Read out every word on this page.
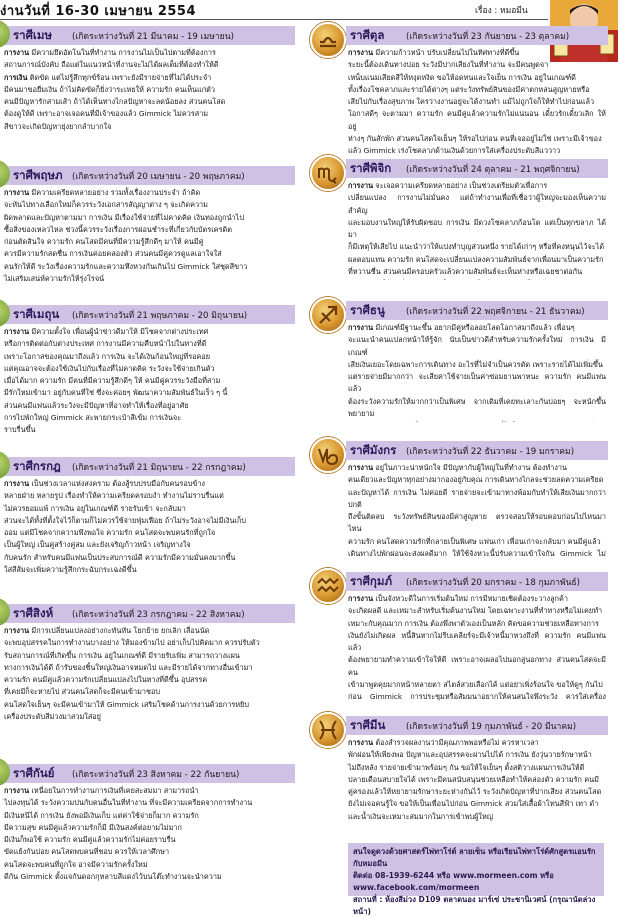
ง่านวันที่ 16-30 เมษายน 2554	เรื่อง : หมอมีน
ราศีเมษ (เกิดระหว่างวันที่ 21 มีนาคม - 19 เมษายน)
การงาน มีความยึดอัตโนในที่ทำงาน การงานไม่เป็นไปตามที่ต้องการ
สถานการณ์บังคับ ถือแต่ในแนวหน้าที่งานจะไม่ได้ผลเต็มที่ต้องทำให้ดี
การเงิน ติดขัด แต่ไม่รู้สึกทุกข์ร้อน เพราะยังมีรายจ่ายที่ไม่ได้ประจำ
มีคนมาขอยืมเงิน ถ้าไม่คิดขัดก็ยิ่งว่าระเหยให้ ความรัก คนเห็นแก่ตัว
คนมีปัญหารักสามเส้า ถ้าได้เห็นทางไกลปัญหาจะลดน้อยลง ส่วนคนโสด
ต้องดูให้ดี เพราะอาจเจอคนที่มีเจ้าของแล้ว Gimmick ไม่ควรสาม
สีขาวจะเกิดปัญหายุ่งยากลำบากใจ
ราศีพฤษภ (เกิดระหว่างวันที่ 20 เมษายน - 20 พฤษภาคม)
การงาน มีความเครียดหลายอย่าง รวมทั้งเรื่องงานประจำ ถ้าคิด
จะหันไปทางเลือกใหม่ก็ควรระวังเอกสารสัญญาต่าง ๆ จะเกิดความ
ผิดพลาดและปัญหาตามมา การเงิน มีเรื่องใช้จ่ายที่ไม่คาดคิด เงินทองถูกนำไป
ซื้อสิ่งของเหลวไหล ช่วงนี้ควรระวังเรื่องการผ่อนชำระที่เกี่ยวกับบัตรเครดิต
ก่อนตัดสินใจ ความรัก คนโสดมีคนที่มีความรู้สึกดีๆ มาให้ คนมีคู่
ควรมีความรักสดชื่น การเงินค่อยคล่องตัว ส่วนคนมีคู่ควรดูแลเอาใจใส่
คนรักให้ดี ระวังเรื่องความรักและความหึงหวงกันเกินไป Gimmick ใส่ชุดสีขาว
ไม่เสริมเสน่ห์ความรักให้รุ่งโรจน์
ราศีเมถุน (เกิดระหว่างวันที่ 21 พฤษภาคม - 20 มิถุนายน)
การงาน มีความตั้งใจ เพื่อนผู้นำข่าวดีมาให้ มีโชคจากต่างประเทศ
หรือการติดต่อกับต่างประเทศ การงานมีความคืบหน้าไปในทางที่ดี
เพราะโอกาสของคุณมาถึงแล้ว การเงิน จะได้เงินก้อนใหญ่ที่รอคอย
แต่คุณอาจจะต้องใช้เงินไปกับเรื่องที่ไม่คาดคิด ระวังจะใช้จ่ายเกินตัว
เมื่อได้มาก ความรัก มีคนที่มีความรู้สึกดีๆ ให้ คนมีคู่ควรระวังมือที่สาม
มีรักใหม่เข้ามา อยู่กับคนที่ใช่ ซึ่งจะค่อยๆ พัฒนาความสัมพันธ์ในเร็ว ๆ นี้
ส่วนคนมีแฟนแล้วระวังจะมีปัญหาที่อาจทำให้เรื่องที่อยู่อาศัย
การไปพักใหญ่ Gimmick สะพายกระเป๋าสีเข้ม การเงินจะ
ราบรื่นขึ้น
ราศีกรกฎ (เกิดระหว่างวันที่ 21 มิถุนายน - 22 กรกฎาคม)
การงาน เป็นช่วงเวลาแห่งสงคราม ต้องสู้รบปรบมือกับคนรอบข้าง
หลายฝ่าย หลายรูป เรื่องทำให้ความเครียดครอบงำ ทำงานไม่ราบรื่นแต่
ไม่ควรยอมแพ้ การเงิน อยู่ในเกณฑ์ดี รายรับเข้า จะกลับมา
ส่วนจะได้ทั้งที่ตั้งใจไว้ก็ตามก็ไม่ควรใช้จ่ายฟุ่มเฟือย ถ้าไม่ระวังอาจไม่มีเงินเก็บ
ออม แต่มีโชคจากความพึงพอใจ ความรัก คนโสดจะพบคนรักที่ถูกใจ
เป็นผู้ใหญ่ เป็นคู่สร้างคู่สม และยังเจริญก้าวหน้า เจริญทางใจ
กับคนรัก สำหรับคนมีแฟนเป็นประสบการณ์ดี ความรักมีความมั่นคงมากขึ้น
ใส่สีส้มจะเพิ่มความรู้สึกกระฉับกระเฉงดีขึ้น
ราศีสิงห์ (เกิดระหว่างวันที่ 23 กรกฎาคม - 22 สิงหาคม)
การงาน มีการเปลี่ยนแปลงอย่างกะทันหัน โยกย้าย ยกเลิก เลื่อนนัด
จะพบอุปสรรคในการทำงานบางอย่าง ให้มองข้ามไป อย่าเก็บไปคิดมาก ควรปรับตัว
รับสถานการณ์ที่เกิดขึ้น การเงิน อยู่ในเกณฑ์ดี มีรายรับเพิ่ม สามารถวางแผน
ทางการเงินได้ดี ถ้ารับของชิ้นใหญ่เงินอาจหมดไป และมีรายได้จากทางอื่นเข้ามา
ความรัก คนมีคู่แล้วความรักเปลี่ยนแปลงไปในทางที่ดีขึ้น อุปสรรค
ที่เคยมีก็จะหายไป ส่วนคนโสดก็จะมีคนเข้ามาชอบ
คนโสดใจเย็นๆ จะมีคนเข้ามาให้ Gimmick เสริมโชคด้านการงานด้วยการหยิบ
เครื่องประดับสีม่วงมาสวมใส่อยู่
ราศีกันย์ (เกิดระหว่างวันที่ 23 สิงหาคม - 22 กันยายน)
การงาน เหนื่อยในการทำงานการเงินที่เคยสะสมมา สามารถนำ
ไปลงทุนได้ ระวังความปนกับคนอื่นในที่ทำงาน ที่จะมีความเครียดจากการทำงาน
มีเงินหนีได้ การเงิน ยังพอมีเงินเก็บ แต่ค่าใช้จ่ายก็มาก ความรัก
มีความสุข คนมีคู่แล้วความรักก็มี มีเงินสงค์ต่อยามไม่มาก
มีเงินก็พอใช้ ความรัก คนมีคู่แล้วความรักไม่ค่อยราบรื่น
ขัดแย้งกันบ่อย คนโสดพบคนที่ชอบ ควรให้เวลาศึกษา
คนโสดจะพบคนที่ถูกใจ อาจมีความรักครั้งใหม่
ดีกัน Gimmick ตั้งแจกันดอกกุหลาบสีแดงไว้บนโต๊ะทำงานจะนำความ
ราศีตุล	(เกิดระหว่างวันที่ 23 กันยายน - 23 ตุลาคม)
การงาน มีความก้าวหน้า ปรับเปลี่ยนไปในทิศทางที่ดีขึ้น
ระยะนี้ต้องเดินทางบ่อย ระวังมีปากเสียงในที่ทำงาน จะมีคนพูดจา
เหน็บแนมเสียดสีให้หงุดหงิด ขอให้อดทนและใจเย็น การเงิน อยู่ในเกณฑ์ดี
ทั้งเรื่องโชคลาภและรายได้ต่างๆ แต่ระวังทรัพย์สินของมีค่าตกหล่นสูญหายหรือ
เสียไปกับเรื่องสุขภาพ ใครว่างงานอยู่จะได้งานทำ แม้ไม่ถูกใจก็ให้ทำไปก่อนแล้ว
โอกาสดีๆ จะตามมา ความรัก คนมีคู่แล้วความรักไม่แน่นอน เดี๋ยวรักเดี๋ยวเลิก ให้อยู่
ห่างๆ กันสักพัก ส่วนคนโสดใจเย็นๆ ให้รอไปก่อน คนที่เจออยู่ไม่ใช่ เพราะมีเจ้าของ
แล้ว Gimmick เร่งโชคลาภด้านเงินด้วยการใส่เครื่องประดับสีแววาว
ราศีพิจิก (เกิดระหว่างวันที่ 24 ตุลาคม - 21 พฤศจิกายน)
การงาน จะเจอความเครียดหลายอย่าง เป็นช่วงเตรียมตัวเพื่อการ
เปลี่ยนแปลง การงานไม่มั่นคง แต่ถ้าทำงานเพื่อที่เชื่อว่าผู้ใหญ่จะมองเห็นความสำคัญ
และมอบงานใหญ่ให้รับผิดชอบ การเงิน มีดวงโชคลาภก้อนโต แต่เป็นทุกขลาภ ได้มา
ก็มีเหตุให้เสียไป แนะนำว่าให้แบ่งทำบุญส่วนหนึ่ง รายได้เก่าๆ หรือที่คงหนุนไว้จะได้
ผลตอบแทน ความรัก คนโสดจะเปลี่ยนแปลงความสัมพันธ์จากเพื่อนมาเป็นความรัก
ที่หวานชื่น ส่วนคนมีครอบครัวแล้วความสัมพันธ์จะเห็นห่างหรือเฉยชาต่อกัน
ราศีธนู (เกิดระหว่างวันที่ 22 พฤศจิกายน - 21 ธันวาคม)
การงาน มีเกณฑ์มีฐานะขึ้น อยากมีคู่หรือลอยโลดโอกาสมาถึงแล้ว เพื่อนๆ
จะแนะนำคนแปลกหน้าให้รู้จัก นับเป็นข่าวดีสำหรับความรักครั้งใหม่ การเงิน มีเกณฑ์
เสียเงินเยอะโดยเฉพาะการเดินทาง อะไรที่ไม่จำเป็นควรตัด เพราะรายได้ไม่เพิ่มขึ้น
แต่รายจ่ายมีมากกว่า จะเสียค่าใช้จ่ายเป็นค่าซ่อมยานพาหนะ ความรัก คนมีแฟนแล้ว
ต้องระวังความรักให้มากกว่าเป็นพิเศษ จากเดิมที่เคยทะเลาะกันบ่อยๆ จะหนักขึ้น พยายาม
ราศีมังกร (เกิดระหว่างวันที่ 22 ธันวาคม - 19 มกราคม)
การงาน อยู่ในภาวะน่าหนักใจ มีปัญหากับผู้ใหญ่ในที่ทำงาน ต้องทำงาน
คนเดียวและปัญหาทุกอย่างมากองอยู่กับคุณ การเดินทางไกลจะช่วยลดความเครียด
และปัญหาได้ การเงิน ไม่ค่อยดี รายจ่ายจะเข้ามาทางพ้อมกับทำให้เสียเงินมากกว่าปกติ
ถึงขั้นติดลบ ระวังทรัพย์สินของมีค่าสูญหาย ตรวจสอบให้รอบคอบก่อนไปไหนมาไหน
ความรัก คนโสดความรักที่กลายเป็นพิเศษ แฟนเก่า เพื่อนเก่าจะกลับมา คนมีคู่แล้ว
เดินทางไปพักผ่อนจะส่งผลดีมาก ให้ใช้จังหวะนี้ปรับความเข้าใจกัน Gimmick ไม่
ราศีกุมภ์ (เกิดระหว่างวันที่ 20 มกราคม - 18 กุมภาพันธ์)
การงาน เป็นจังหวะดีในการเริ่มต้นใหม่ การมีหมายเชิดต้องระวางลูกค้า
จะเกิดผลดี และเหมาะสำหรับเริ่มต้นงานใหม่ โดยเฉพาะงานที่ทำทางหรือไม่เคยทำ
เหมาะกับคุณมาก การเงิน ต้องพึ่งพาตัวเองเป็นหลัก คิดขอความช่วยเหลือทางการ
เงินยังไม่เกิดผล หนี้สินหากไม่รีบเคลียร์จะมีเจ้าหนี้มาทวงถึงที่ ความรัก คนมีแฟนแล้ว
ต้องพยายามทำความเข้าใจให้ดี เพราะอาจเผลอไปนอกลู่นอกทาง ส่วนคนโสดจะมีคน
เข้ามาพูดคุยมากหน้าหลายตา สไตล์สวยเลือกได้ แต่อย่าเพิ่งร้อนใจ ขอให้ดูๆ กันไป
ก่อน Gimmick การประชุมหรือสัมมนาอยากให้คนสนใจพึงระวัง ควรใส่เครื่อง
ราศีมีน (เกิดระหว่างวันที่ 19 กุมภาพันธ์ - 20 มีนาคม)
การงาน ต้องสำรวจผลงานว่ามีคุณภาพพอหรือไม่ ควรหาเวลา
พักผ่อนให้เพียงพอ ปัญหาและอุปสรรคจะผ่านไปได้ การเงิน ยังวุ่นวายรักษาหน้า
ไม่ถึงหลัง รายจ่ายเข้ามาพร้อมๆ กัน ขอให้ใจเย็นๆ ตั้งสติวางแผนการเงินให้ดี
ปลายเดือนสบายใจได้ เพราะมีคนสนับสนุนช่วยเหลือทำให้คล่องตัว ความรัก คนมี
คู่ครองแล้วให้หยายามรักษาระยะห่างกันไว้ ระวังเกิดปัญหาที่ปากเสียง ส่วนคนโสด
ยังไม่เจอคนรู้ใจ ขอให้เป็นเพื่อนไปก่อน Gimmick สวมใส่เสื้อผ้าโทนสีฟ้า เทา ดำ
และน้ำเงินจะเหมาะสมมากในการเข้าพบผู้ใหญ่
สนใจดูดวงด้วยศาสตร์ไพ่ทาโร่ต์ ลายเซ็น หรือเรียนไพ่ทาโร่ต์ศักสูตรแอนรักกับหมอมีน
ติดต่อ 08-1939-6244 หรือ www.mormeen.com หรือ www.facebook.com/mormeen
สถานที่ : ห้องสีม่วง D109 ตลาดนอง มาร์เซ่ ประชานิเวศน์ (กรุณานัดล่วงหน้า)
